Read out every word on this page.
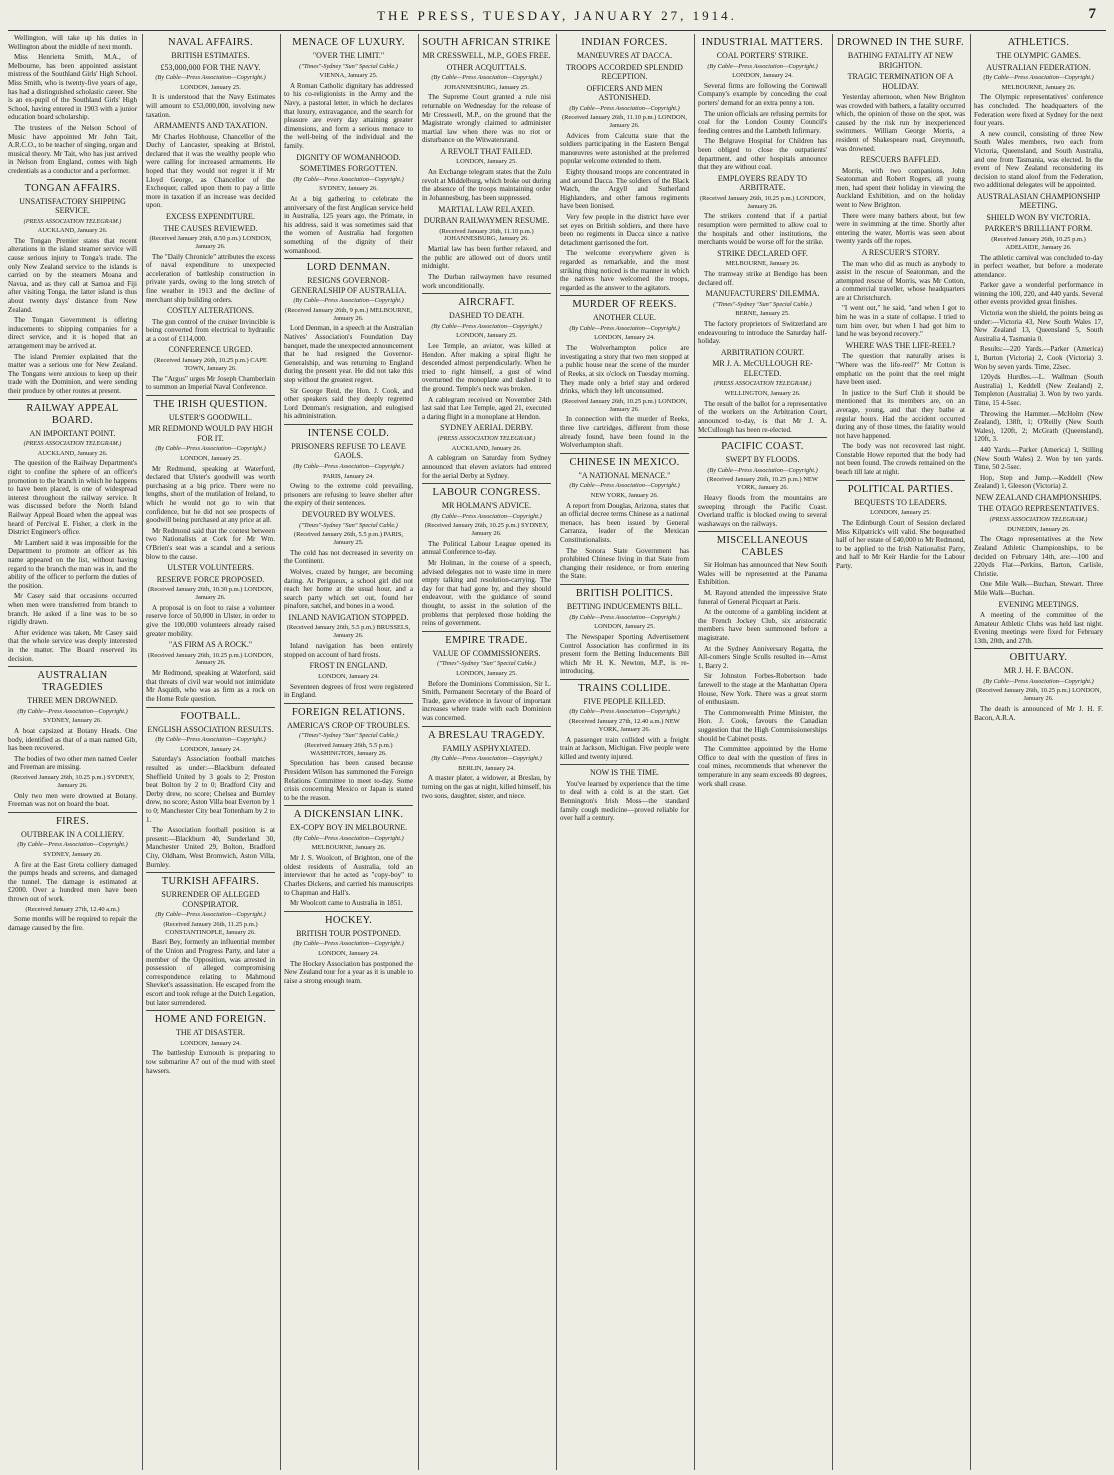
THE PRESS, TUESDAY, JANUARY 27, 1914.	7

Wellington, will take up his duties in Wellington about the middle of next month.

Miss Henrietta Smith, M.A., of Melbourne, has been appointed assistant mistress of the Southland Girls' High School. Miss Smith, who is twenty-five years of age, has had a distinguished scholastic career. She is an ex-pupil of the Southland Girls' High School, having entered in 1903 with a junior education board scholarship.

The trustees of the Nelson School of Music have appointed Mr John Tait, A.R.C.O., to be teacher of singing, organ and musical theory. Mr Tait, who has just arrived in Nelson from England, comes with high credentials as a conductor and a performer.

TONGAN AFFAIRS.
UNSATISFACTORY SHIPPING SERVICE.
(PRESS ASSOCIATION TELEGRAM.)
AUCKLAND, January 26.

The Tongan Premier states that recent alterations in the island steamer service will cause serious injury to Tonga's trade. The only New Zealand service to the islands is carried on by the steamers Moana and Navua, and as they call at Samoa and Fiji after visiting Tonga, the latter island is thus about twenty days' distance from New Zealand.

The Tongan Government is offering inducements to shipping companies for a direct service, and it is hoped that an arrangement may be arrived at.

The island Premier explained that the matter was a serious one for New Zealand. The Tongans were anxious to keep up their trade with the Dominion, and were sending their produce by other routes at present.

RAILWAY APPEAL BOARD.
AN IMPORTANT POINT.
(PRESS ASSOCIATION TELEGRAM.)
AUCKLAND, January 26.

The question of the Railway Department's right to confine the sphere of an officer's promotion to the branch in which he happens to have been placed, is one of widespread interest throughout the railway service. It was discussed before the North Island Railway Appeal Board when the appeal was heard of Percival E. Fisher, a clerk in the District Engineer's office.

Mr Lambert said it was impossible for the Department to promote an officer as his name appeared on the list, without having regard to the branch the man was in, and the ability of the officer to perform the duties of the position.

Mr Casey said that occasions occurred when men were transferred from branch to branch. He asked if a line was to be so rigidly drawn.

After evidence was taken, Mr Casey said that the whole service was deeply interested in the matter. The Board reserved its decision.

AUSTRALIAN TRAGEDIES
THREE MEN DROWNED.
(By Cable—Press Association—Copyright.)
SYDNEY, January 26.

A boat capsized at Botany Heads. One body, identified as that of a man named Gib, has been recovered.

The bodies of two other men named Ceeler and Freeman are missing.

(Received January 26th, 10.25 p.m.) SYDNEY, January 26.

Only two men were drowned at Botany. Freeman was not on board the boat.

FIRES.
OUTBREAK IN A COLLIERY.
(By Cable—Press Association—Copyright.)
SYDNEY, January 26.

A fire at the East Greta colliery damaged the pumps heads and screens, and damaged the tunnel. The damage is estimated at £2000. Over a hundred men have been thrown out of work.

(Received January 27th, 12.40 a.m.)

Some months will be required to repair the damage caused by the fire.

NAVAL AFFAIRS.
BRITISH ESTIMATES.
£53,000,000 FOR THE NAVY.
(By Cable—Press Association—Copyright.)
LONDON, January 25.

It is understood that the Navy Estimates will amount to £53,000,000, involving new taxation.

ARMAMENTS AND TAXATION.

Mr Charles Hobhouse, Chancellor of the Duchy of Lancaster, speaking at Bristol, declared that it was the wealthy people who were calling for increased armaments. He hoped that they would not regret it if Mr Lloyd George, as Chancellor of the Exchequer, called upon them to pay a little more in taxation if an increase was decided upon.

EXCESS EXPENDITURE.
THE CAUSES REVIEWED.
(Received January 26th, 8.50 p.m.) LONDON, January 26.

The "Daily Chronicle" attributes the excess of naval expenditure to unexpected acceleration of battleship construction in private yards, owing to the long stretch of fine weather in 1913 and the decline of merchant ship building orders.

COSTLY ALTERATIONS.

The gun control of the cruiser Invincible is being converted from electrical to hydraulic at a cost of £114,000.

CONFERENCE URGED.
(Received January 26th, 10.25 p.m.) CAPE TOWN, January 26.

The "Argus" urges Mr Joseph Chamberlain to summon an Imperial Naval Conference.

THE IRISH QUESTION.
ULSTER'S GOODWILL.
MR REDMOND WOULD PAY HIGH FOR IT.
(By Cable—Press Association—Copyright.)
LONDON, January 25.

Mr Redmond, speaking at Waterford, declared that Ulster's goodwill was worth purchasing at a big price. There were no lengths, short of the mutilation of Ireland, to which he would not go to win that confidence, but he did not see prospects of goodwill being purchased at any price at all.

Mr Redmond said that the contest between two Nationalists at Cork for Mr Wm. O'Brien's seat was a scandal and a serious blow to the cause.

ULSTER VOLUNTEERS.
RESERVE FORCE PROPOSED.
(Received January 26th, 10.30 p.m.) LONDON, January 26.

A proposal is on foot to raise a volunteer reserve force of 50,000 in Ulster, in order to give the 100,000 volunteers already raised greater mobility.

"AS FIRM AS A ROCK."
(Received January 26th, 10.25 p.m.) LONDON, January 26.

Mr Redmond, speaking at Waterford, said that threats of civil war would not intimidate Mr Asquith, who was as firm as a rock on the Home Rule question.

FOOTBALL.
ENGLISH ASSOCIATION RESULTS.
(By Cable—Press Association—Copyright.)
LONDON, January 24.

Saturday's Association football matches resulted as under:—Blackburn defeated Sheffield United by 3 goals to 2; Preston beat Bolton by 2 to 0; Bradford City and Derby drew, no score; Chelsea and Burnley drew, no score; Aston Villa beat Everton by 1 to 0; Manchester City beat Tottenham by 2 to 1.

The Association football position is at present:—Blackburn 40, Sunderland 30, Manchester United 29, Bolton, Bradford City, Oldham, West Bromwich, Aston Villa, Burnley.

TURKISH AFFAIRS.
SURRENDER OF ALLEGED CONSPIRATOR.
(By Cable—Press Association—Copyright.)
(Received January 26th, 11.25 p.m.) CONSTANTINOPLE, January 26.

Basri Bey, formerly an influential member of the Union and Progress Party, and later a member of the Opposition, was arrested in possession of alleged compromising correspondence relating to Mahmoud Shevket's assassination. He escaped from the escort and took refuge at the Dutch Legation, but later surrendered.

HOME AND FOREIGN.
THE AT DISASTER.
LONDON, January 24.

The battleship Exmouth is preparing to tow submarine A7 out of the mud with steel hawsers.

MENACE OF LUXURY.
"OVER THE LIMIT."
("Times"-Sydney "Sun" Special Cable.)
VIENNA, January 25.

A Roman Catholic dignitary has addressed to his co-religionists in the Army and the Navy, a pastoral letter, in which he declares that luxury, extravagance, and the search for pleasure are every day attaining greater dimensions, and form a serious menace to the well-being of the individual and the family.

DIGNITY OF WOMANHOOD.
SOMETIMES FORGOTTEN.
(By Cable—Press Association—Copyright.)
SYDNEY, January 26.

At a big gathering to celebrate the anniversary of the first Anglican service held in Australia, 125 years ago, the Primate, in his address, said it was sometimes said that the women of Australia had forgotten something of the dignity of their womanhood.

LORD DENMAN.
RESIGNS GOVERNOR-GENERALSHIP OF AUSTRALIA.
(By Cable—Press Association—Copyright.)
(Received January 26th, 9 p.m.) MELBOURNE, January 26.

Lord Denman, in a speech at the Australian Natives' Association's Foundation Day banquet, made the unexpected announcement that he had resigned the Governor-Generalship, and was returning to England during the present year. He did not take this step without the greatest regret.

Sir George Reid, the Hon. J. Cook, and other speakers said they deeply regretted Lord Denman's resignation, and eulogised his administration.

INTENSE COLD.
PRISONERS REFUSE TO LEAVE GAOLS.
(By Cable—Press Association—Copyright.)
PARIS, January 24.

Owing to the extreme cold prevailing, prisoners are refusing to leave shelter after the expiry of their sentences.

DEVOURED BY WOLVES.
("Times"-Sydney "Sun" Special Cable.)
(Received January 26th, 5.5 p.m.) PARIS, January 25.

The cold has not decreased in severity on the Continent.

Wolves, crazed by hunger, are becoming daring. At Perigueux, a school girl did not reach her home at the usual hour, and a search party which set out, found her pinafore, satchel, and bones in a wood.

INLAND NAVIGATION STOPPED.
(Received January 26th, 5.5 p.m.) BRUSSELS, January 26.

Inland navigation has been entirely stopped on account of hard frosts.

FROST IN ENGLAND.
LONDON, January 24.

Seventeen degrees of frost were registered in England.

FOREIGN RELATIONS.
AMERICA'S CROP OF TROUBLES.
("Times"-Sydney "Sun" Special Cable.)
(Received January 26th, 5.5 p.m.) WASHINGTON, January 26.

Speculation has been caused because President Wilson has summoned the Foreign Relations Committee to meet to-day. Some crisis concerning Mexico or Japan is stated to be the reason.

A DICKENSIAN LINK.
EX-COPY BOY IN MELBOURNE.
(By Cable—Press Association—Copyright.)
MELBOURNE, January 26.

Mr J. S. Woolcott, of Brighton, one of the oldest residents of Australia, told an interviewer that he acted as "copy-boy" to Charles Dickens, and carried his manuscripts to Chapman and Hall's.

Mr Woolcott came to Australia in 1851.

HOCKEY.
BRITISH TOUR POSTPONED.
(By Cable—Press Association—Copyright.)
LONDON, January 24.

The Hockey Association has postponed the New Zealand tour for a year as it is unable to raise a strong enough team.

SOUTH AFRICAN STRIKE
MR CRESSWELL, M.P., GOES FREE.
OTHER ACQUITTALS.
(By Cable—Press Association—Copyright.)
JOHANNESBURG, January 25.

The Supreme Court granted a rule nisi returnable on Wednesday for the release of Mr Cresswell, M.P., on the ground that the Magistrate wrongly claimed to administer martial law when there was no riot or disturbance on the Witwatersrand.

A REVOLT THAT FAILED.
LONDON, January 25.

An Exchange telegram states that the Zulu revolt at Middelburg, which broke out during the absence of the troops maintaining order in Johannesburg, has been suppressed.

MARTIAL LAW RELAXED.
DURBAN RAILWAYMEN RESUME.
(Received January 26th, 11.10 p.m.) JOHANNESBURG, January 26.

Martial law has been further relaxed, and the public are allowed out of doors until midnight.

The Durban railwaymen have resumed work unconditionally.

AIRCRAFT.
DASHED TO DEATH.
(By Cable—Press Association—Copyright.)
LONDON, January 25.

Lee Temple, an aviator, was killed at Hendon. After making a spiral flight he descended almost perpendicularly. When he tried to right himself, a gust of wind overturned the monoplane and dashed it to the ground. Temple's neck was broken.

A cablegram received on November 24th last said that Lee Temple, aged 21, executed a daring flight in a monoplane at Hendon.

SYDNEY AERIAL DERBY.
(PRESS ASSOCIATION TELEGRAM.)
AUCKLAND, January 26.

A cablegram on Saturday from Sydney announced that eleven aviators had entered for the aerial Derby at Sydney.

LABOUR CONGRESS.
MR HOLMAN'S ADVICE.
(By Cable—Press Association—Copyright.)
(Received January 26th, 10.25 p.m.) SYDNEY, January 26.

The Political Labour League opened its annual Conference to-day.

Mr Holman, in the course of a speech, advised delegates not to waste time in mere empty talking and resolution-carrying. The day for that had gone by, and they should endeavour, with the guidance of sound thought, to assist in the solution of the problems that perplexed those holding the reins of government.

EMPIRE TRADE.
VALUE OF COMMISSIONERS.
("Times"-Sydney "Sun" Special Cable.)
LONDON, January 25.

Before the Dominions Commission, Sir L. Smith, Permanent Secretary of the Board of Trade, gave evidence in favour of important increases where trade with each Dominion was concerned.

A BRESLAU TRAGEDY.
FAMILY ASPHYXIATED.
(By Cable—Press Association—Copyright.)
BERLIN, January 24.

A master plater, a widower, at Breslau, by turning on the gas at night, killed himself, his two sons, daughter, sister, and niece.

INDIAN FORCES.
MANŒUVRES AT DACCA.
TROOPS ACCORDED SPLENDID RECEPTION.
OFFICERS AND MEN ASTONISHED.
(By Cable—Press Association—Copyright.)
(Received January 26th, 11.10 p.m.) LONDON, January 26.

Advices from Calcutta state that the soldiers participating in the Eastern Bengal manœuvres were astonished at the preferred popular welcome extended to them.

Eighty thousand troops are concentrated in and around Dacca. The soldiers of the Black Watch, the Argyll and Sutherland Highlanders, and other famous regiments have been lionised.

Very few people in the district have ever set eyes on British soldiers, and there have been no regiments in Dacca since a native detachment garrisoned the fort.

The welcome everywhere given is regarded as remarkable, and the most striking thing noticed is the manner in which the natives have welcomed the troops, regarded as the answer to the agitators.

MURDER OF REEKS.
ANOTHER CLUE.
(By Cable—Press Association—Copyright.)
LONDON, January 24.

The Wolverhampton police are investigating a story that two men stopped at a public house near the scene of the murder of Reeks, at six o'clock on Tuesday morning. They made only a brief stay and ordered drinks, which they left unconsumed.

(Received January 26th, 10.25 p.m.) LONDON, January 26.

In connection with the murder of Reeks, three live cartridges, different from those already found, have been found in the Wolverhampton shaft.

CHINESE IN MEXICO.
"A NATIONAL MENACE."
(By Cable—Press Association—Copyright.)
NEW YORK, January 26.

A report from Douglas, Arizona, states that an official decree terms Chinese as a national menace, has been issued by General Carranza, leader of the Mexican Constitutionalists.

The Sonora State Government has prohibited Chinese living in that State from changing their residence, or from entering the State.

BRITISH POLITICS.
BETTING INDUCEMENTS BILL.
(By Cable—Press Association—Copyright.)
LONDON, January 25.

The Newspaper Sporting Advertisement Control Association has confirmed in its present form the Betting Inducements Bill which Mr H. K. Newton, M.P., is re-introducing.

TRAINS COLLIDE.
FIVE PEOPLE KILLED.
(By Cable—Press Association—Copyright.)
(Received January 27th, 12.40 a.m.) NEW YORK, January 26.

A passenger train collided with a freight train at Jackson, Michigan. Five people were killed and twenty injured.

NOW IS THE TIME.

You've learned by experience that the time to deal with a cold is at the start. Get Bennington's Irish Moss—the standard family cough medicine—proved reliable for over half a century.

INDUSTRIAL MATTERS.
COAL PORTERS' STRIKE.
(By Cable—Press Association—Copyright.)
LONDON, January 24.

Several firms are following the Cornwall Company's example by conceding the coal porters' demand for an extra penny a ton.

The union officials are refusing permits for coal for the London County Council's feeding centres and the Lambeth Infirmary.

The Belgrave Hospital for Children has been obliged to close the outpatients' department, and other hospitals announce that they are without coal.

EMPLOYERS READY TO ARBITRATE.
(Received January 26th, 10.25 p.m.) LONDON, January 26.

The strikers contend that if a partial resumption were permitted to allow coal to the hospitals and other institutions, the merchants would be worse off for the strike.

STRIKE DECLARED OFF.
MELBOURNE, January 26.

The tramway strike at Bendigo has been declared off.

MANUFACTURERS' DILEMMA.
("Times"-Sydney "Sun" Special Cable.)
BERNE, January 25.

The factory proprietors of Switzerland are endeavouring to introduce the Saturday half-holiday.

ARBITRATION COURT.
MR J. A. McCULLOUGH RE-ELECTED.
(PRESS ASSOCIATION TELEGRAM.)
WELLINGTON, January 26.

The result of the ballot for a representative of the workers on the Arbitration Court, announced to-day, is that Mr J. A. McCullough has been re-elected.

PACIFIC COAST.
SWEPT BY FLOODS.
(By Cable—Press Association—Copyright.)
(Received January 26th, 10.25 p.m.) NEW YORK, January 26.

Heavy floods from the mountains are sweeping through the Pacific Coast. Overland traffic is blocked owing to several washaways on the railways.

MISCELLANEOUS CABLES

Sir Holman has announced that New South Wales will be represented at the Panama Exhibition.

M. Rayond attended the impressive State funeral of General Picquart at Paris.

At the outcome of a gambling incident at the French Jockey Club, six aristocratic members have been summoned before a magistrate.

At the Sydney Anniversary Regatta, the All-comers Single Sculls resulted in—Arnst 1, Barry 2.

Sir Johnston Forbes-Robertson bade farewell to the stage at the Manhattan Opera House, New York. There was a great storm of enthusiasm.

The Commonwealth Prime Minister, the Hon. J. Cook, favours the Canadian suggestion that the High Commissionerships should be Cabinet posts.

The Committee appointed by the Home Office to deal with the question of fires in coal mines, recommends that whenever the temperature in any seam exceeds 80 degrees, work shall cease.

DROWNED IN THE SURF.
BATHING FATALITY AT NEW BRIGHTON.
TRAGIC TERMINATION OF A HOLIDAY.

Yesterday afternoon, when New Brighton was crowded with bathers, a fatality occurred which, the opinion of those on the spot, was caused by the risk run by inexperienced swimmers. William George Morris, a resident of Shakespeare road, Greymouth, was drowned.

RESCUERS BAFFLED.

Morris, with two companions, John Seatonman and Robert Rogers, all young men, had spent their holiday in viewing the Auckland Exhibition, and on the holiday went to New Brighton.

There were many bathers about, but few were in swimming at the time. Shortly after entering the water, Morris was seen about twenty yards off the ropes.

A RESCUER'S STORY.

The man who did as much as anybody to assist in the rescue of Seatonman, and the attempted rescue of Morris, was Mr Cotton, a commercial traveller, whose headquarters are at Christchurch.

"I went out," he said, "and when I got to him he was in a state of collapse. I tried to turn him over, but when I had got him to land he was beyond recovery."

WHERE WAS THE LIFE-REEL?

The question that naturally arises is "Where was the life-reel?" Mr Cotton is emphatic on the point that the reel might have been used.

In justice to the Surf Club it should be mentioned that its members are, on an average, young, and that they bathe at regular hours. Had the accident occurred during any of those times, the fatality would not have happened.

The body was not recovered last night. Constable Howe reported that the body had not been found. The crowds remained on the beach till late at night.

POLITICAL PARTIES.
BEQUESTS TO LEADERS.
LONDON, January 25.

The Edinburgh Court of Session declared Miss Kilpatrick's will valid. She bequeathed half of her estate of £40,000 to Mr Redmond, to be applied to the Irish Nationalist Party, and half to Mr Keir Hardie for the Labour Party.

ATHLETICS.
THE OLYMPIC GAMES.
AUSTRALIAN FEDERATION.
(By Cable—Press Association—Copyright.)
MELBOURNE, January 26.

The Olympic representatives' conference has concluded. The headquarters of the Federation were fixed at Sydney for the next four years.

A new council, consisting of three New South Wales members, two each from Victoria, Queensland, and South Australia, and one from Tasmania, was elected. In the event of New Zealand reconsidering its decision to stand aloof from the Federation, two additional delegates will be appointed.

AUSTRALASIAN CHAMPIONSHIP MEETING.
SHIELD WON BY VICTORIA.
PARKER'S BRILLIANT FORM.
(Received January 26th, 10.25 p.m.) ADELAIDE, January 26.

The athletic carnival was concluded to-day in perfect weather, but before a moderate attendance.

Parker gave a wonderful performance in winning the 100, 220, and 440 yards. Several other events provided great finishes.

Victoria won the shield, the points being as under:—Victoria 43, New South Wales 17, New Zealand 13, Queensland 5, South Australia 4, Tasmania 0.

Results:—220 Yards.—Parker (America) 1, Burton (Victoria) 2, Cook (Victoria) 3. Won by seven yards. Time, 22sec.

120yds Hurdles.—L. Wallman (South Australia) 1, Keddell (New Zealand) 2, Templeton (Australia) 3. Won by two yards. Time, 15 4-5sec.

Throwing the Hammer.—McHolm (New Zealand), 138ft, 1; O'Reilly (New South Wales), 120ft, 2; McGrath (Queensland), 120ft, 3.

440 Yards.—Parker (America) 1, Stilling (New South Wales) 2. Won by ten yards. Time, 50 2-5sec.

Hop, Step and Jump.—Keddell (New Zealand) 1, Gleeson (Victoria) 2.

NEW ZEALAND CHAMPIONSHIPS.
THE OTAGO REPRESENTATIVES.
(PRESS ASSOCIATION TELEGRAM.)
DUNEDIN, January 26.

The Otago representatives at the New Zealand Athletic Championships, to be decided on February 14th, are:—100 and 220yds Flat—Perkins, Barton, Carlisle, Christie.

One Mile Walk—Buchan, Stewart. Three Mile Walk—Buchan.

EVENING MEETINGS.

A meeting of the committee of the Amateur Athletic Clubs was held last night. Evening meetings were fixed for February 13th, 20th, and 27th.

OBITUARY.
MR J. H. F. BACON.
(By Cable—Press Association—Copyright.)
(Received January 26th, 10.25 p.m.) LONDON, January 26.

The death is announced of Mr J. H. F. Bacon, A.R.A.
